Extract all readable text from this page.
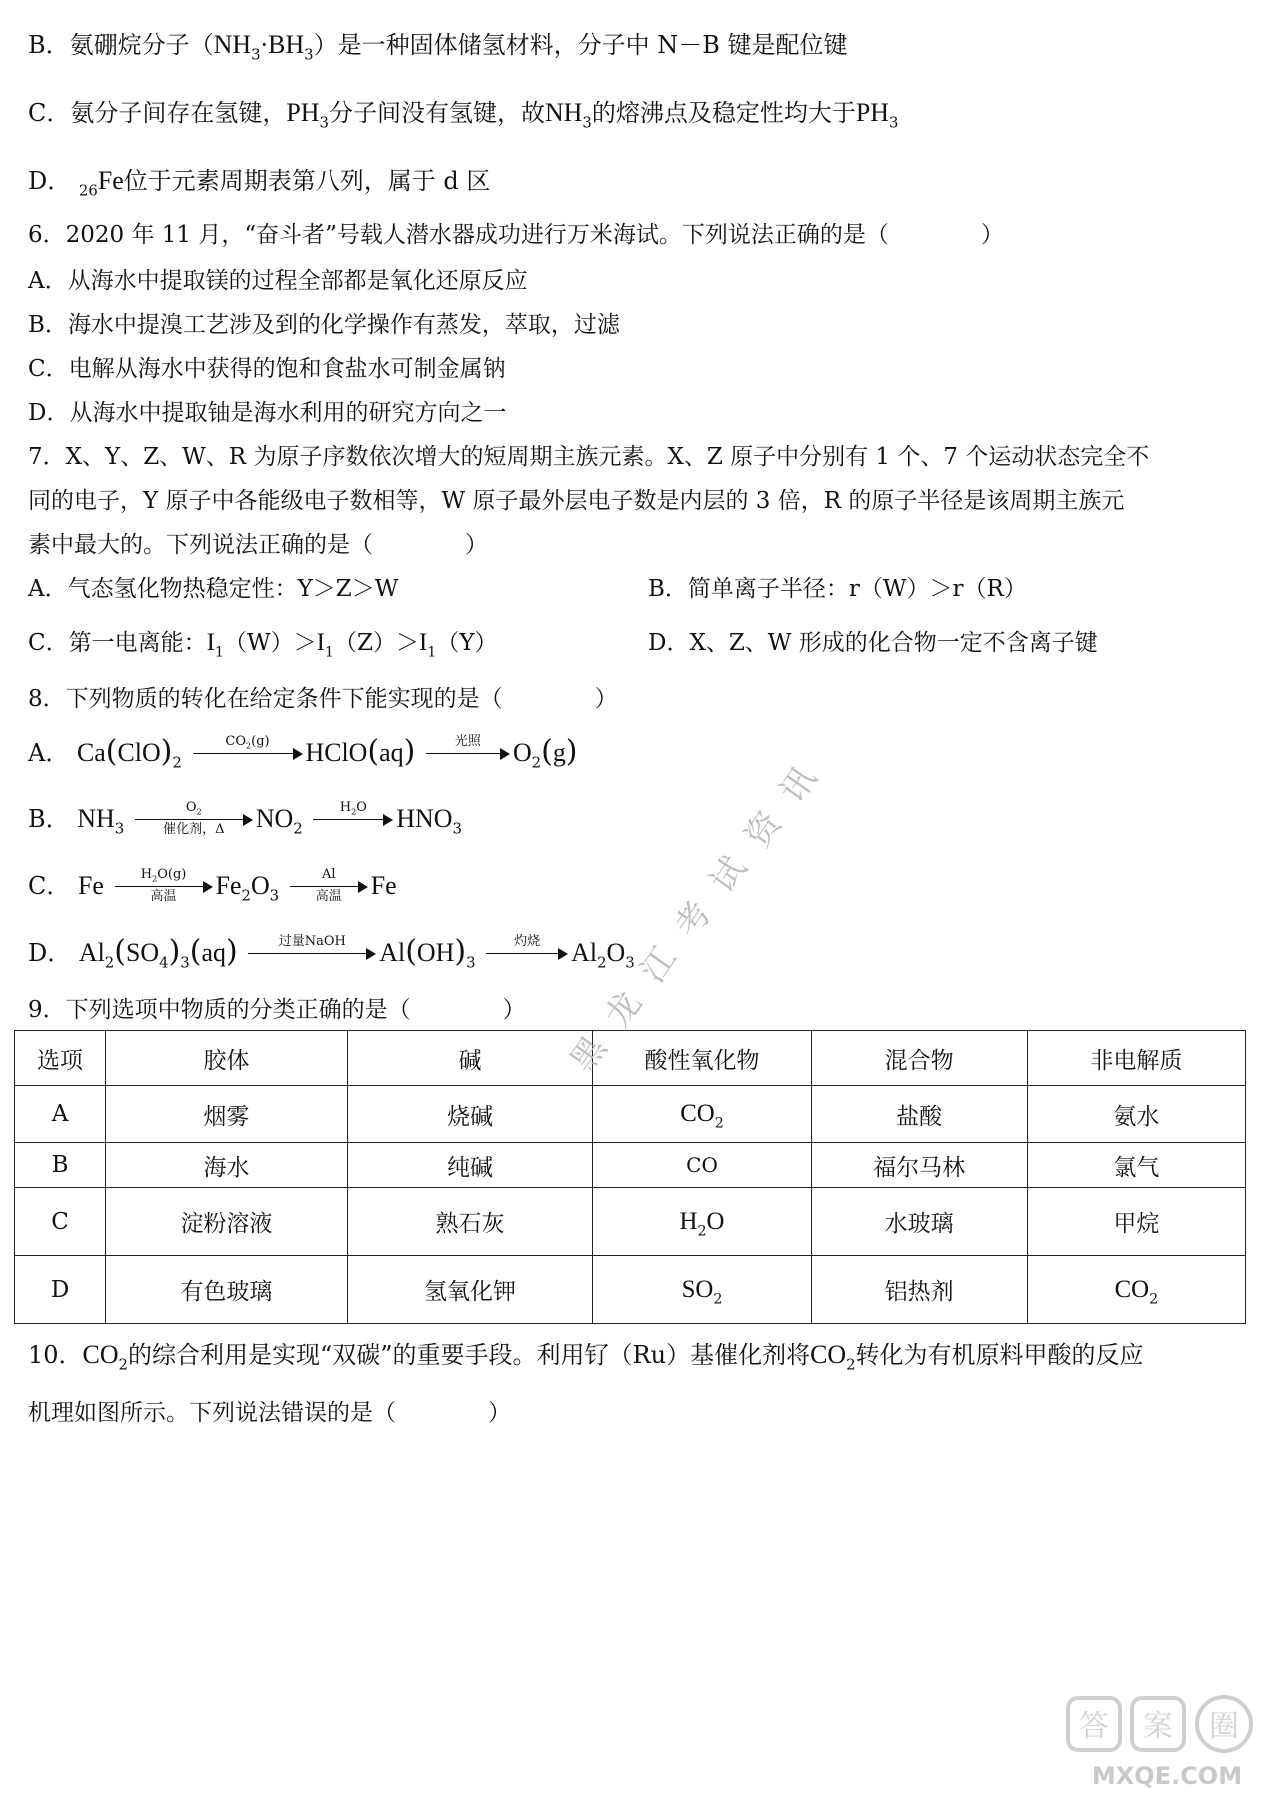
B．氨硼烷分子$(NH_3\cdot BH_3)$是一种固体储氢材料，分子中 N－B 键是配位键
C．氨分子间存在氢键，$PH_3$分子间没有氢键，故$NH_3$的熔沸点及稳定性均大于$PH_3$
D． $_{26}$Fe位于元素周期表第八列，属于 d 区
6．2020 年 11 月，“奋斗者”号载人潜水器成功进行万米海试。下列说法正确的是（　　　　）
A．从海水中提取镁的过程全部都是氧化还原反应
B．海水中提溴工艺涉及到的化学操作有蒸发，萃取，过滤
C．电解从海水中获得的饱和食盐水可制金属钠
D．从海水中提取铀是海水利用的研究方向之一
7．X、Y、Z、W、R 为原子序数依次增大的短周期主族元素。X、Z 原子中分别有 1 个、7 个运动状态完全不
同的电子，Y 原子中各能级电子数相等，W 原子最外层电子数是内层的 3 倍，R 的原子半径是该周期主族元
素中最大的。下列说法正确的是（　　　　）
A．气态氢化物热稳定性：Y＞Z＞W	B．简单离子半径：r（W）＞r（R）
C．第一电离能：$I_1(W)>I_1(Z)>I_1(Y)$	D．X、Z、W 形成的化合物一定不含离子键
8．下列物质的转化在给定条件下能实现的是（　　　　）
A． $Ca(ClO)_2$
$CO_2(g)$	HClO(aq)	光照	$O_2(g)$
B． $NH_3$
$O_2$
催化剂，Δ	$NO_2$
$H_2O$	$HNO_3$
C． Fe	$H_2O(g)$
高温	$Fe_2O_3$
Al
高温	Fe
D． $Al_2(SO_4)_3(aq)$	过量NaOH	$Al(OH)_3$
灼烧	$Al_2O_3$
9．下列选项中物质的分类正确的是（　　　　）
选项	胶体	碱	酸性氧化物	混合物	非电解质
A	烟雾	烧碱	$CO_2$	盐酸	氨水
B	海水	纯碱	CO	福尔马林	氯气
C	淀粉溶液	熟石灰	$H_2O$	水玻璃	甲烷
D	有色玻璃	氢氧化钾	$SO_2$	铝热剂	$CO_2$
10．$CO_2$的综合利用是实现“双碳”的重要手段。利用钌（Ru）基催化剂将$CO_2$转化为有机原料甲酸的反应
机理如图所示。下列说法错误的是（　　　　）
讯
资
试
考
江
龙
黑
答 案 圈
MXQE.COM
